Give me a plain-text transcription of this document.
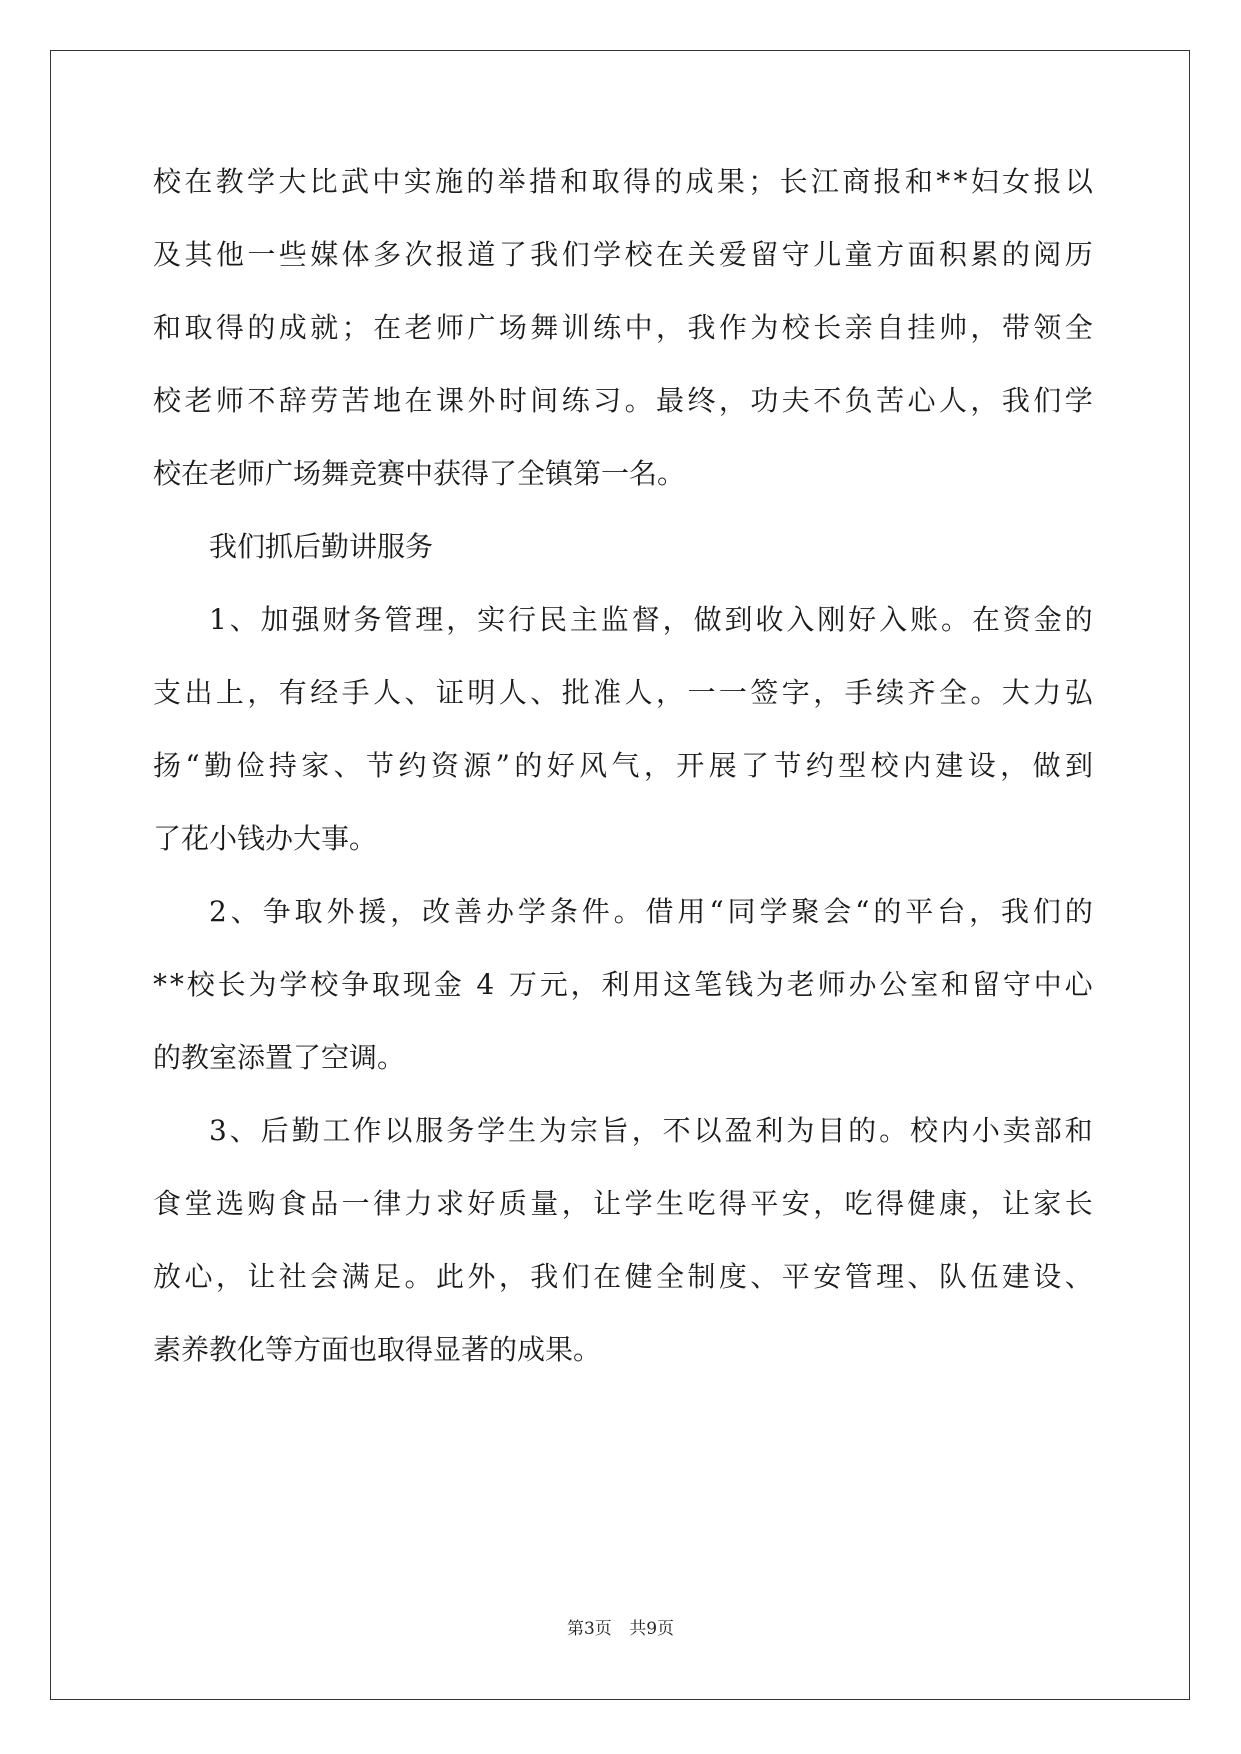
校 在 教 学 大 比 武 中 实 施 的 举 措 和 取 得 的 成 果 ； 长 江 商 报 和 * * 妇 女 报 以
及 其 他 一 些 媒 体 多 次 报 道 了 我 们 学 校 在 关 爱 留 守 儿 童 方 面 积 累 的 阅 历
和 取 得 的 成 就 ； 在 老 师 广 场 舞 训 练 中 ， 我 作 为 校 长 亲 自 挂 帅 ， 带 领 全
校 老 师 不 辞 劳 苦 地 在 课 外 时 间 练 习 。 最 终 ， 功 夫 不 负 苦 心 人 ， 我 们 学
校在老师广场舞竞赛中获得了全镇第一名。
我们抓后勤讲服务
1 、 加 强 财 务 管 理 ， 实 行 民 主 监 督 ， 做 到 收 入 刚 好 入 账 。 在 资 金 的
支 出 上 ， 有 经 手 人 、 证 明 人 、 批 准 人 ， 一 一 签 字 ， 手 续 齐 全 。 大 力 弘
扬 “ 勤 俭 持 家 、 节 约 资 源 ” 的 好 风 气 ， 开 展 了 节 约 型 校 内 建 设 ， 做 到
了花小钱办大事。
2 、 争 取 外 援 ， 改 善 办 学 条 件 。 借 用 “ 同 学 聚 会 “ 的 平 台 ， 我 们 的
* * 校 长 为 学 校 争 取 现 金
4
万 元 ， 利 用 这 笔 钱 为 老 师 办 公 室 和 留 守 中 心
的教室添置了空调。
3 、 后 勤 工 作 以 服 务 学 生 为 宗 旨 ， 不 以 盈 利 为 目 的 。 校 内 小 卖 部 和
食 堂 选 购 食 品 一 律 力 求 好 质 量 ， 让 学 生 吃 得 平 安 ， 吃 得 健 康 ， 让 家 长
放 心 ， 让 社 会 满 足 。 此 外 ， 我 们 在 健 全 制 度 、 平 安 管 理 、 队 伍 建 设 、
素养教化等方面也取得显著的成果。
第3页 共9页
